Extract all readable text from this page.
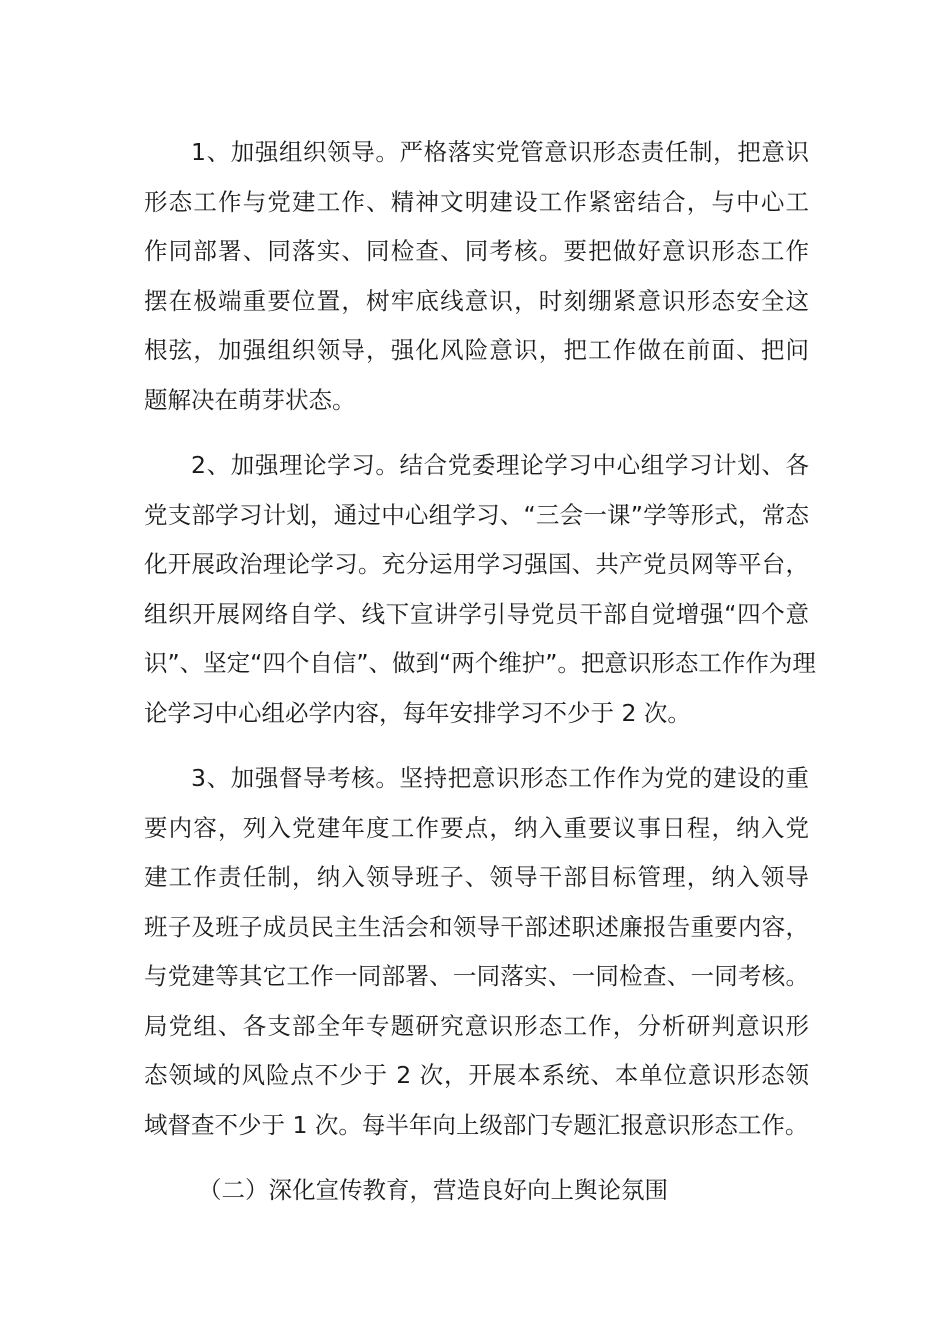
1、加强组织领导。严格落实党管意识形态责任制，把意识
形态工作与党建工作、精神文明建设工作紧密结合，与中心工
作同部署、同落实、同检查、同考核。要把做好意识形态工作
摆在极端重要位置，树牢底线意识，时刻绷紧意识形态安全这
根弦，加强组织领导，强化风险意识，把工作做在前面、把问
题解决在萌芽状态。
2、加强理论学习。结合党委理论学习中心组学习计划、各
党支部学习计划，通过中心组学习、“三会一课”学等形式，常态
化开展政治理论学习。充分运用学习强国、共产党员网等平台，
组织开展网络自学、线下宣讲学引导党员干部自觉增强“四个意
识”、坚定“四个自信”、做到“两个维护”。把意识形态工作作为理
论学习中心组必学内容，每年安排学习不少于 2 次。
3、加强督导考核。坚持把意识形态工作作为党的建设的重
要内容，列入党建年度工作要点，纳入重要议事日程，纳入党
建工作责任制，纳入领导班子、领导干部目标管理，纳入领导
班子及班子成员民主生活会和领导干部述职述廉报告重要内容，
与党建等其它工作一同部署、一同落实、一同检查、一同考核。
局党组、各支部全年专题研究意识形态工作，分析研判意识形
态领域的风险点不少于 2 次，开展本系统、本单位意识形态领
域督查不少于 1 次。每半年向上级部门专题汇报意识形态工作。
（二）深化宣传教育，营造良好向上舆论氛围
